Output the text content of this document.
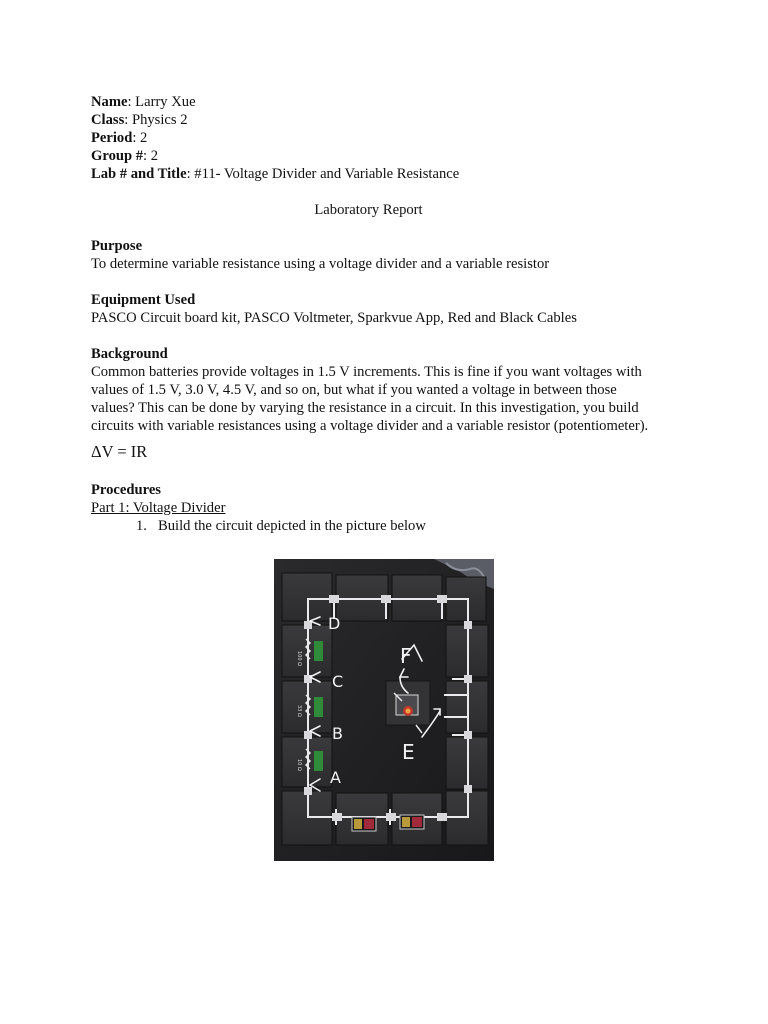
Name: Larry Xue
Class: Physics 2
Period: 2
Group #: 2
Lab # and Title: #11- Voltage Divider and Variable Resistance
Laboratory Report
Purpose
To determine variable resistance using a voltage divider and a variable resistor
Equipment Used
PASCO Circuit board kit, PASCO Voltmeter, Sparkvue App, Red and Black Cables
Background
Common batteries provide voltages in 1.5 V increments. This is fine if you want voltages with
values of 1.5 V, 3.0 V, 4.5 V, and so on, but what if you wanted a voltage in between those
values? This can be done by varying the resistance in a circuit. In this investigation, you build
circuits with variable resistances using a voltage divider and a variable resistor (potentiometer).
ΔV = IR
Procedures
Part 1: Voltage Divider
1. Build the circuit depicted in the picture below
100 Ω
33 Ω
10 Ω
D
C
B
A
F
E
